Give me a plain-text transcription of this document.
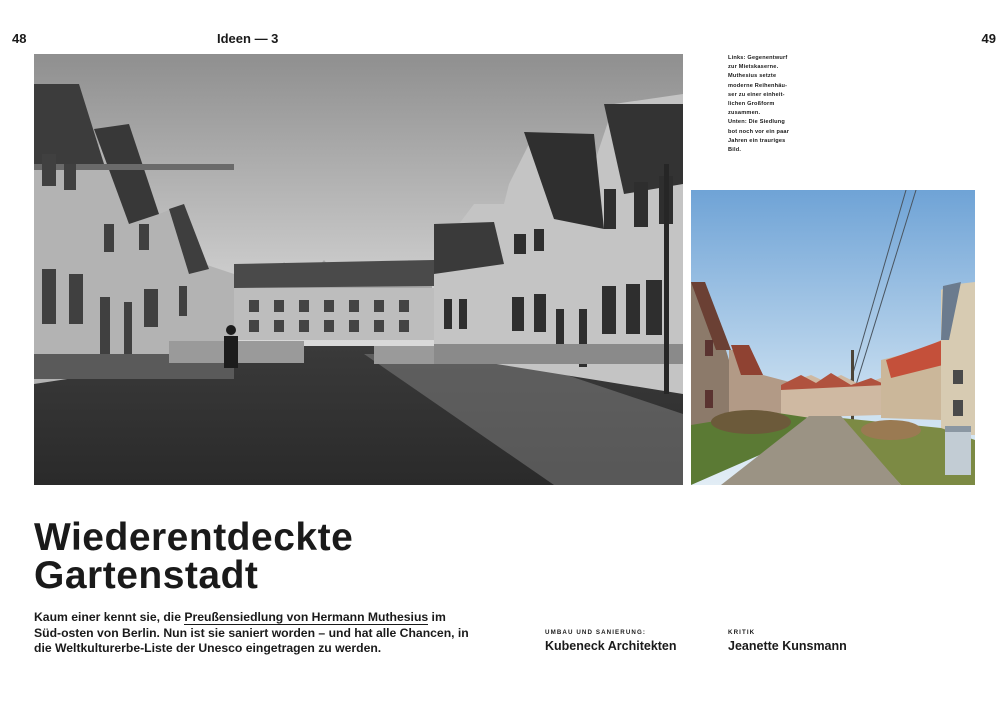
48	Ideen — 3	49
Links: Gegenentwurf
zur Mietskaserne.
Muthesius setzte
moderne Reihenhäu-
ser zu einer einheit-
lichen Großform
zusammen.
Unten: Die Siedlung
bot noch vor ein paar
Jahren ein trauriges
Bild.
Wiederentdeckte
Gartenstadt

Kaum einer kennt sie, die Preußensiedlung von Hermann Muthesius im Süd-osten von Berlin. Nun ist sie saniert worden – und hat alle Chancen, in die Weltkulturerbe-Liste der Unesco eingetragen zu werden.

UMBAU UND SANIERUNG:
Kubeneck Architekten
KRITIK
Jeanette Kunsmann
